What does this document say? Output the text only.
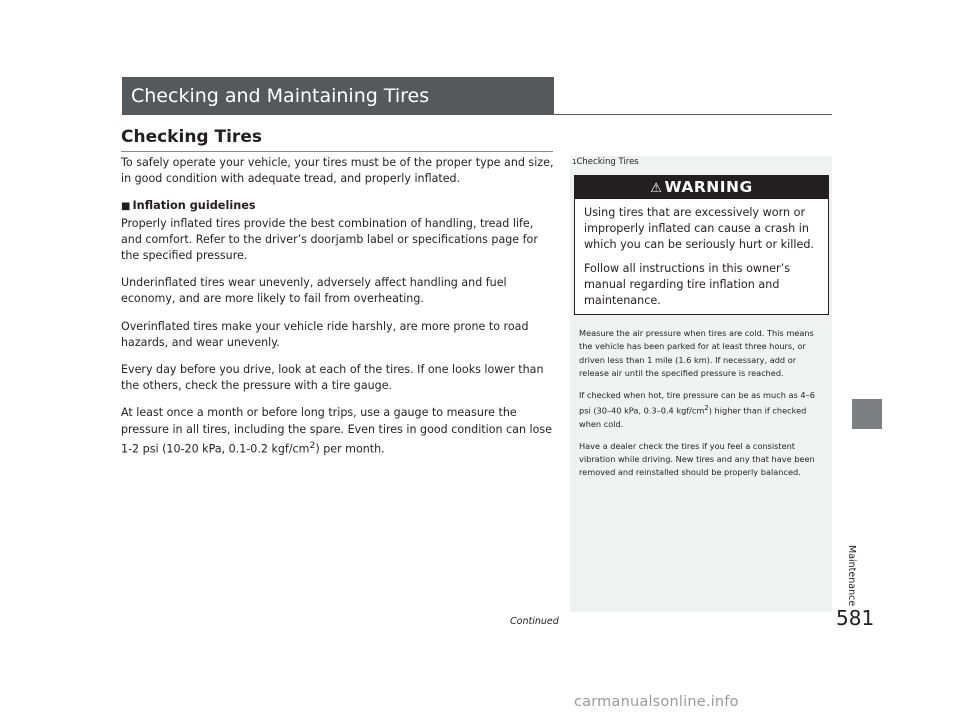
Checking and Maintaining Tires
Checking Tires

To safely operate your vehicle, your tires must be of the proper type and size, in good condition with adequate tread, and properly inflated.

■ Inflation guidelines

Properly inflated tires provide the best combination of handling, tread life, and comfort. Refer to the driver’s doorjamb label or specifications page for the specified pressure.

Underinflated tires wear unevenly, adversely affect handling and fuel economy, and are more likely to fail from overheating.

Overinflated tires make your vehicle ride harshly, are more prone to road hazards, and wear unevenly.

Every day before you drive, look at each of the tires. If one looks lower than the others, check the pressure with a tire gauge.

At least once a month or before long trips, use a gauge to measure the pressure in all tires, including the spare. Even tires in good condition can lose 1-2 psi (10-20 kPa, 0.1-0.2 kgf/$cm^2$) per month.

1Checking Tires
⚠ WARNING

Using tires that are excessively worn or improperly inflated can cause a crash in which you can be seriously hurt or killed.

Follow all instructions in this owner’s manual regarding tire inflation and maintenance.

Measure the air pressure when tires are cold. This means the vehicle has been parked for at least three hours, or driven less than 1 mile (1.6 km). If necessary, add or release air until the specified pressure is reached.

If checked when hot, tire pressure can be as much as 4–6 psi (30–40 kPa, 0.3–0.4 kgf/$cm^2$) higher than if checked when cold.

Have a dealer check the tires if you feel a consistent vibration while driving. New tires and any that have been removed and reinstalled should be properly balanced.

Maintenance
581
Continued
carmanualsonline.info
